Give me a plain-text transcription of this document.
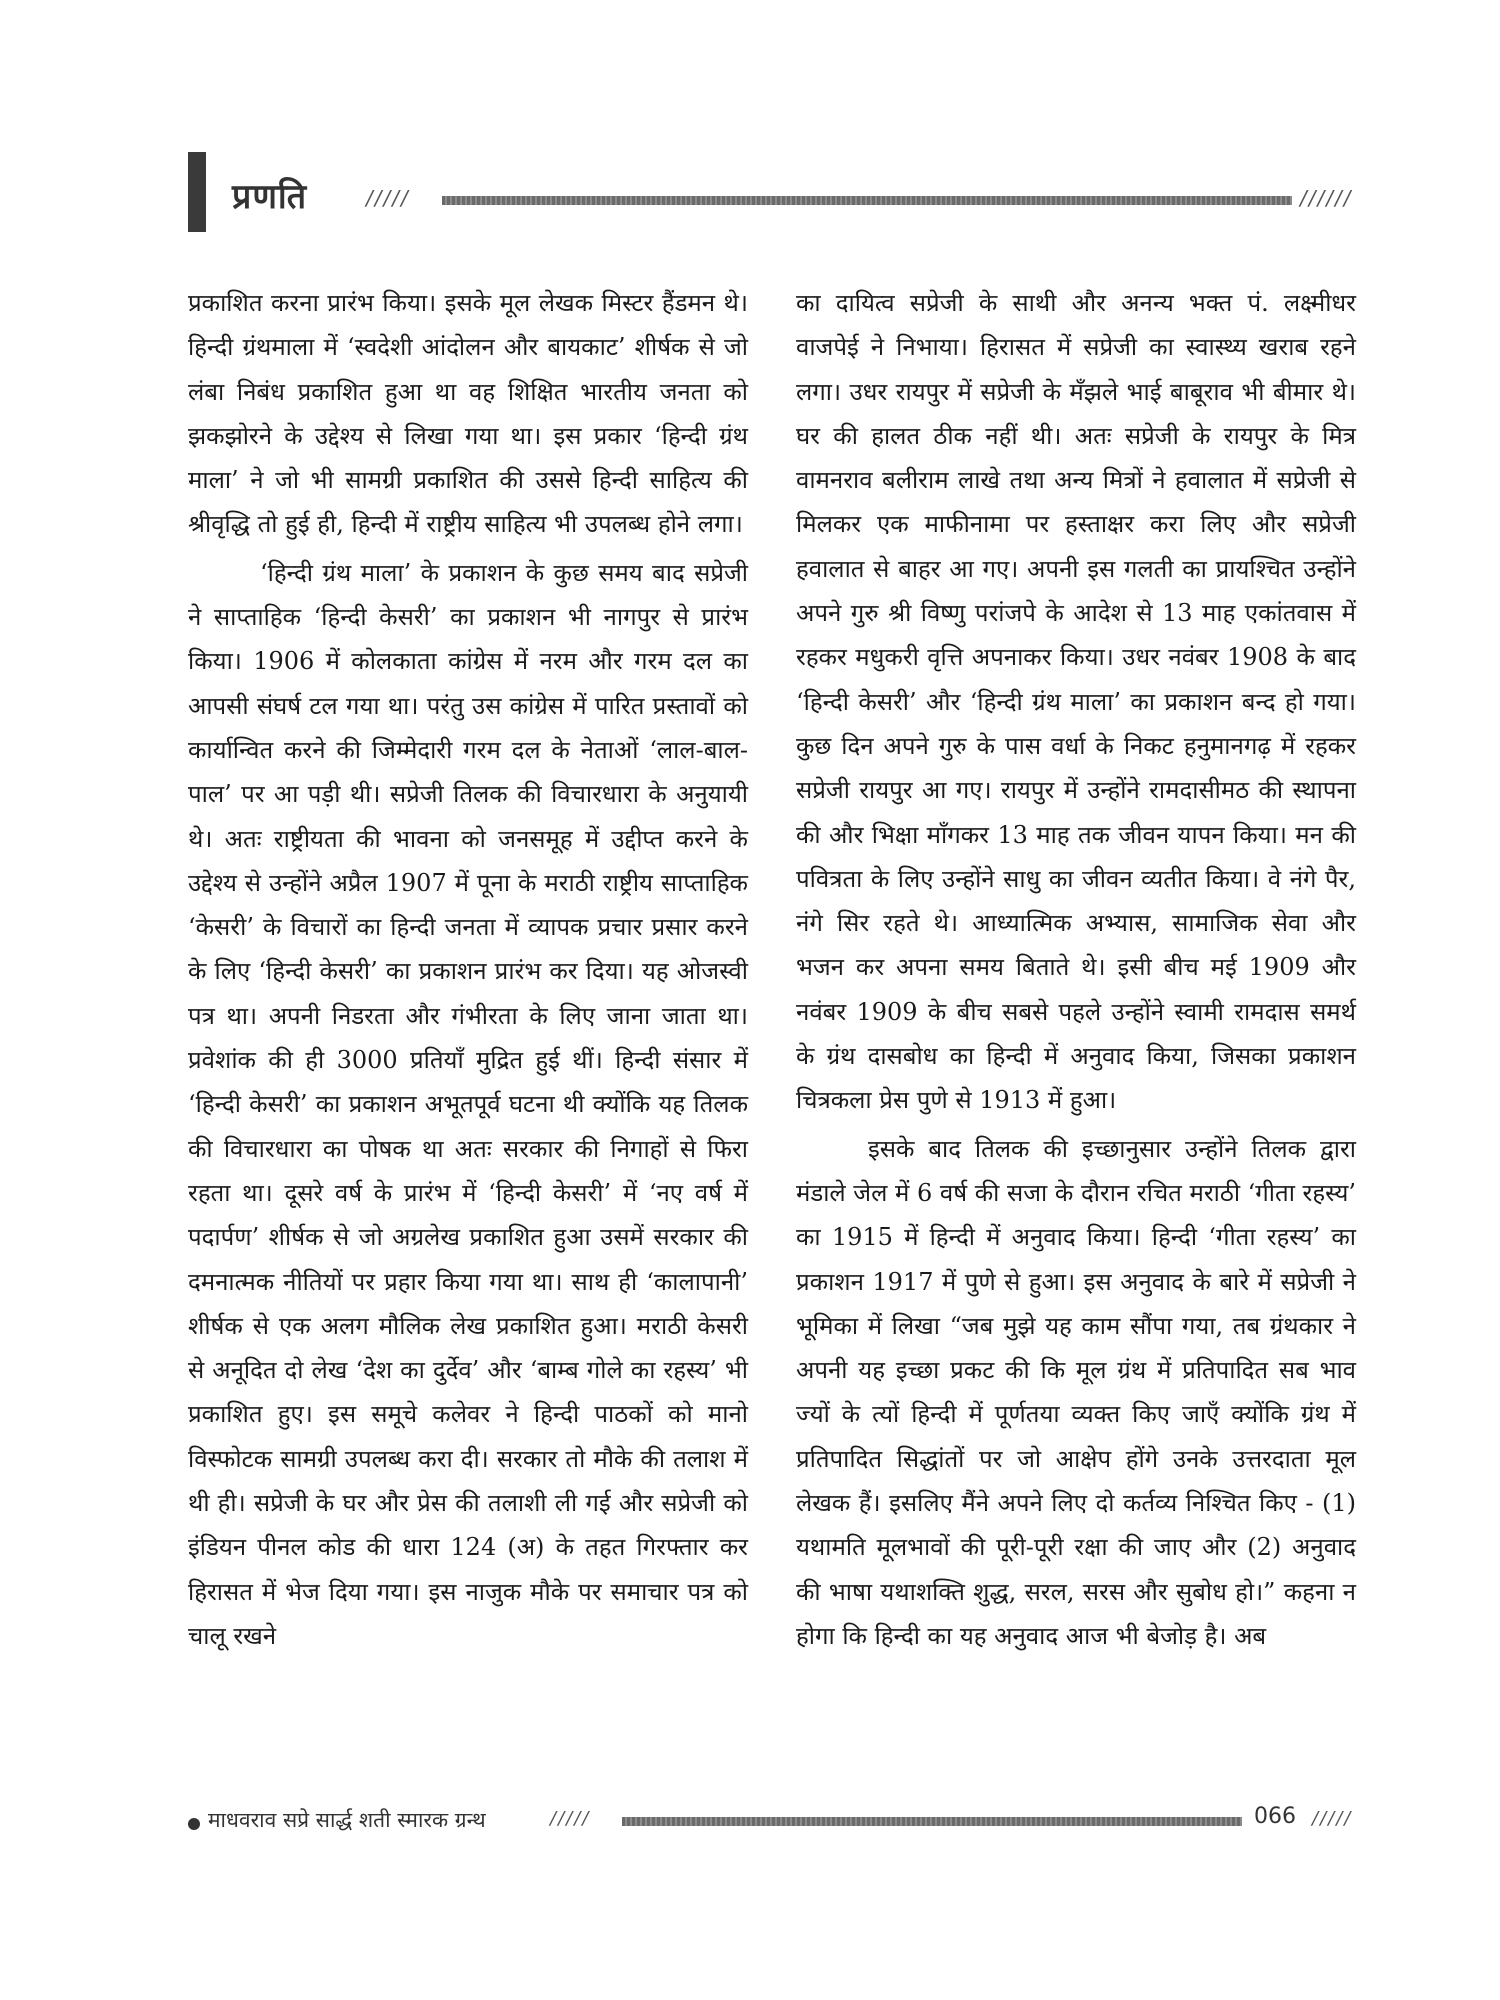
प्रणति	/////	//////

प्रकाशित करना प्रारंभ किया। इसके मूल लेखक मिस्टर हैंडमन थे। हिन्दी ग्रंथमाला में ‘स्वदेशी आंदोलन और बायकाट’ शीर्षक से जो लंबा निबंध प्रकाशित हुआ था वह शिक्षित भारतीय जनता को झकझोरने के उद्देश्य से लिखा गया था। इस प्रकार ‘हिन्दी ग्रंथ माला’ ने जो भी सामग्री प्रकाशित की उससे हिन्दी साहित्य की श्रीवृद्धि तो हुई ही, हिन्दी में राष्ट्रीय साहित्य भी उपलब्ध होने लगा।

‘हिन्दी ग्रंथ माला’ के प्रकाशन के कुछ समय बाद सप्रेजी ने साप्ताहिक ‘हिन्दी केसरी’ का प्रकाशन भी नागपुर से प्रारंभ किया। 1906 में कोलकाता कांग्रेस में नरम और गरम दल का आपसी संघर्ष टल गया था। परंतु उस कांग्रेस में पारित प्रस्तावों को कार्यान्वित करने की जिम्मेदारी गरम दल के नेताओं ‘लाल-बाल-पाल’ पर आ पड़ी थी। सप्रेजी तिलक की विचारधारा के अनुयायी थे। अतः राष्ट्रीयता की भावना को जनसमूह में उद्दीप्त करने के उद्देश्य से उन्होंने अप्रैल 1907 में पूना के मराठी राष्ट्रीय साप्ताहिक ‘केसरी’ के विचारों का हिन्दी जनता में व्यापक प्रचार प्रसार करने के लिए ‘हिन्दी केसरी’ का प्रकाशन प्रारंभ कर दिया। यह ओजस्वी पत्र था। अपनी निडरता और गंभीरता के लिए जाना जाता था। प्रवेशांक की ही 3000 प्रतियाँ मुद्रित हुई थीं। हिन्दी संसार में ‘हिन्दी केसरी’ का प्रकाशन अभूतपूर्व घटना थी क्योंकि यह तिलक की विचारधारा का पोषक था अतः सरकार की निगाहों से फिरा रहता था। दूसरे वर्ष के प्रारंभ में ‘हिन्दी केसरी’ में ‘नए वर्ष में पदार्पण’ शीर्षक से जो अग्रलेख प्रकाशित हुआ उसमें सरकार की दमनात्मक नीतियों पर प्रहार किया गया था। साथ ही ‘कालापानी’ शीर्षक से एक अलग मौलिक लेख प्रकाशित हुआ। मराठी केसरी से अनूदित दो लेख ‘देश का दुर्देव’ और ‘बाम्ब गोले का रहस्य’ भी प्रकाशित हुए। इस समूचे कलेवर ने हिन्दी पाठकों को मानो विस्फोटक सामग्री उपलब्ध करा दी। सरकार तो मौके की तलाश में थी ही। सप्रेजी के घर और प्रेस की तलाशी ली गई और सप्रेजी को इंडियन पीनल कोड की धारा 124 (अ) के तहत गिरफ्तार कर हिरासत में भेज दिया गया। इस नाजुक मौके पर समाचार पत्र को चालू रखने

का दायित्व सप्रेजी के साथी और अनन्य भक्त पं. लक्ष्मीधर वाजपेई ने निभाया। हिरासत में सप्रेजी का स्वास्थ्य खराब रहने लगा। उधर रायपुर में सप्रेजी के मँझले भाई बाबूराव भी बीमार थे। घर की हालत ठीक नहीं थी। अतः सप्रेजी के रायपुर के मित्र वामनराव बलीराम लाखे तथा अन्य मित्रों ने हवालात में सप्रेजी से मिलकर एक माफीनामा पर हस्ताक्षर करा लिए और सप्रेजी हवालात से बाहर आ गए। अपनी इस गलती का प्रायश्चित उन्होंने अपने गुरु श्री विष्णु परांजपे के आदेश से 13 माह एकांतवास में रहकर मधुकरी वृत्ति अपनाकर किया। उधर नवंबर 1908 के बाद ‘हिन्दी केसरी’ और ‘हिन्दी ग्रंथ माला’ का प्रकाशन बन्द हो गया। कुछ दिन अपने गुरु के पास वर्धा के निकट हनुमानगढ़ में रहकर सप्रेजी रायपुर आ गए। रायपुर में उन्होंने रामदासीमठ की स्थापना की और भिक्षा माँगकर 13 माह तक जीवन यापन किया। मन की पवित्रता के लिए उन्होंने साधु का जीवन व्यतीत किया। वे नंगे पैर, नंगे सिर रहते थे। आध्यात्मिक अभ्यास, सामाजिक सेवा और भजन कर अपना समय बिताते थे। इसी बीच मई 1909 और नवंबर 1909 के बीच सबसे पहले उन्होंने स्वामी रामदास समर्थ के ग्रंथ दासबोध का हिन्दी में अनुवाद किया, जिसका प्रकाशन चित्रकला प्रेस पुणे से 1913 में हुआ।

इसके बाद तिलक की इच्छानुसार उन्होंने तिलक द्वारा मंडाले जेल में 6 वर्ष की सजा के दौरान रचित मराठी ‘गीता रहस्य’ का 1915 में हिन्दी में अनुवाद किया। हिन्दी ‘गीता रहस्य’ का प्रकाशन 1917 में पुणे से हुआ। इस अनुवाद के बारे में सप्रेजी ने भूमिका में लिखा “जब मुझे यह काम सौंपा गया, तब ग्रंथकार ने अपनी यह इच्छा प्रकट की कि मूल ग्रंथ में प्रतिपादित सब भाव ज्यों के त्यों हिन्दी में पूर्णतया व्यक्त किए जाएँ क्योंकि ग्रंथ में प्रतिपादित सिद्धांतों पर जो आक्षेप होंगे उनके उत्तरदाता मूल लेखक हैं। इसलिए मैंने अपने लिए दो कर्तव्य निश्चित किए - (1) यथामति मूलभावों की पूरी-पूरी रक्षा की जाए और (2) अनुवाद की भाषा यथाशक्ति शुद्ध, सरल, सरस और सुबोध हो।” कहना न होगा कि हिन्दी का यह अनुवाद आज भी बेजोड़ है। अब

माधवराव सप्रे सार्द्ध शती स्मारक ग्रन्थ	/////	066 /////
